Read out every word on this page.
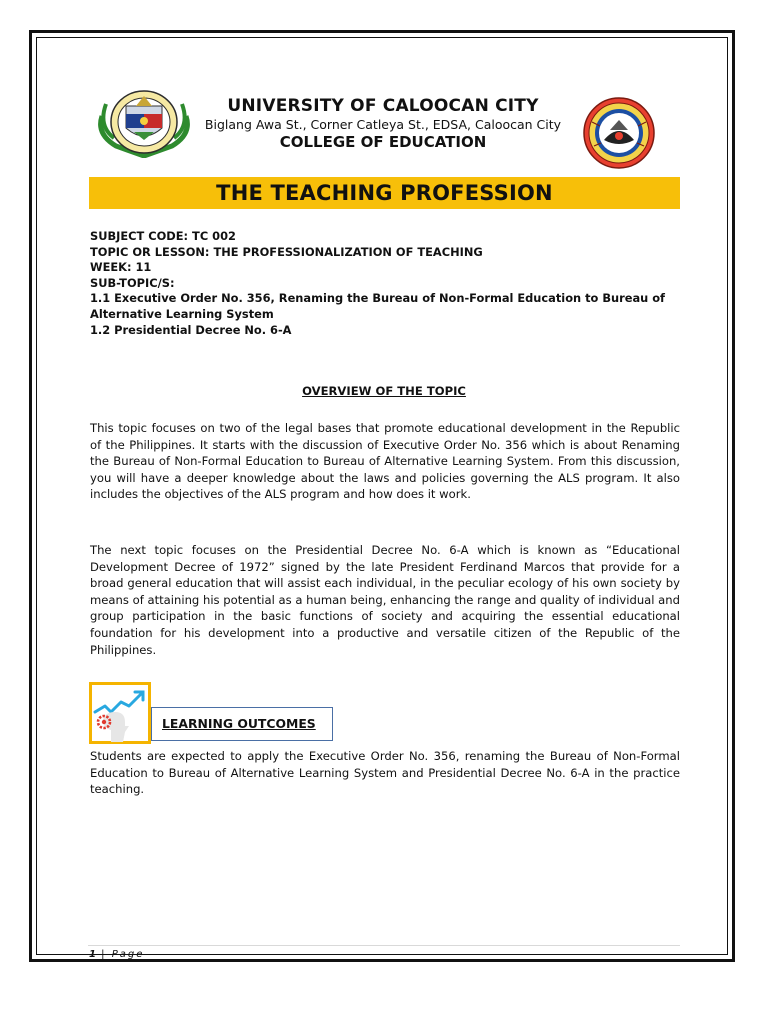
UNIVERSITY OF CALOOCAN CITY
Biglang Awa St., Corner Catleya St., EDSA, Caloocan City
COLLEGE OF EDUCATION
THE TEACHING PROFESSION
SUBJECT CODE: TC 002
TOPIC OR LESSON: THE PROFESSIONALIZATION OF TEACHING
WEEK: 11
SUB-TOPIC/S:
1.1 Executive Order No. 356, Renaming the Bureau of Non-Formal Education to Bureau of Alternative Learning System
1.2 Presidential Decree No. 6-A
OVERVIEW OF THE TOPIC
This topic focuses on two of the legal bases that promote educational development in the Republic of the Philippines. It starts with the discussion of Executive Order No. 356 which is about Renaming the Bureau of Non-Formal Education to Bureau of Alternative Learning System. From this discussion, you will have a deeper knowledge about the laws and policies governing the ALS program. It also includes the objectives of the ALS program and how does it work.
The next topic focuses on the Presidential Decree No. 6-A which is known as “Educational Development Decree of 1972” signed by the late President Ferdinand Marcos that provide for a broad general education that will assist each individual, in the peculiar ecology of his own society by means of attaining his potential as a human being, enhancing the range and quality of individual and group participation in the basic functions of society and acquiring the essential educational foundation for his development into a productive and versatile citizen of the Republic of the Philippines.
LEARNING OUTCOMES
Students are expected to apply the Executive Order No. 356, renaming the Bureau of Non-Formal Education to Bureau of Alternative Learning System and Presidential Decree No. 6-A in the practice teaching.
1 | Page
